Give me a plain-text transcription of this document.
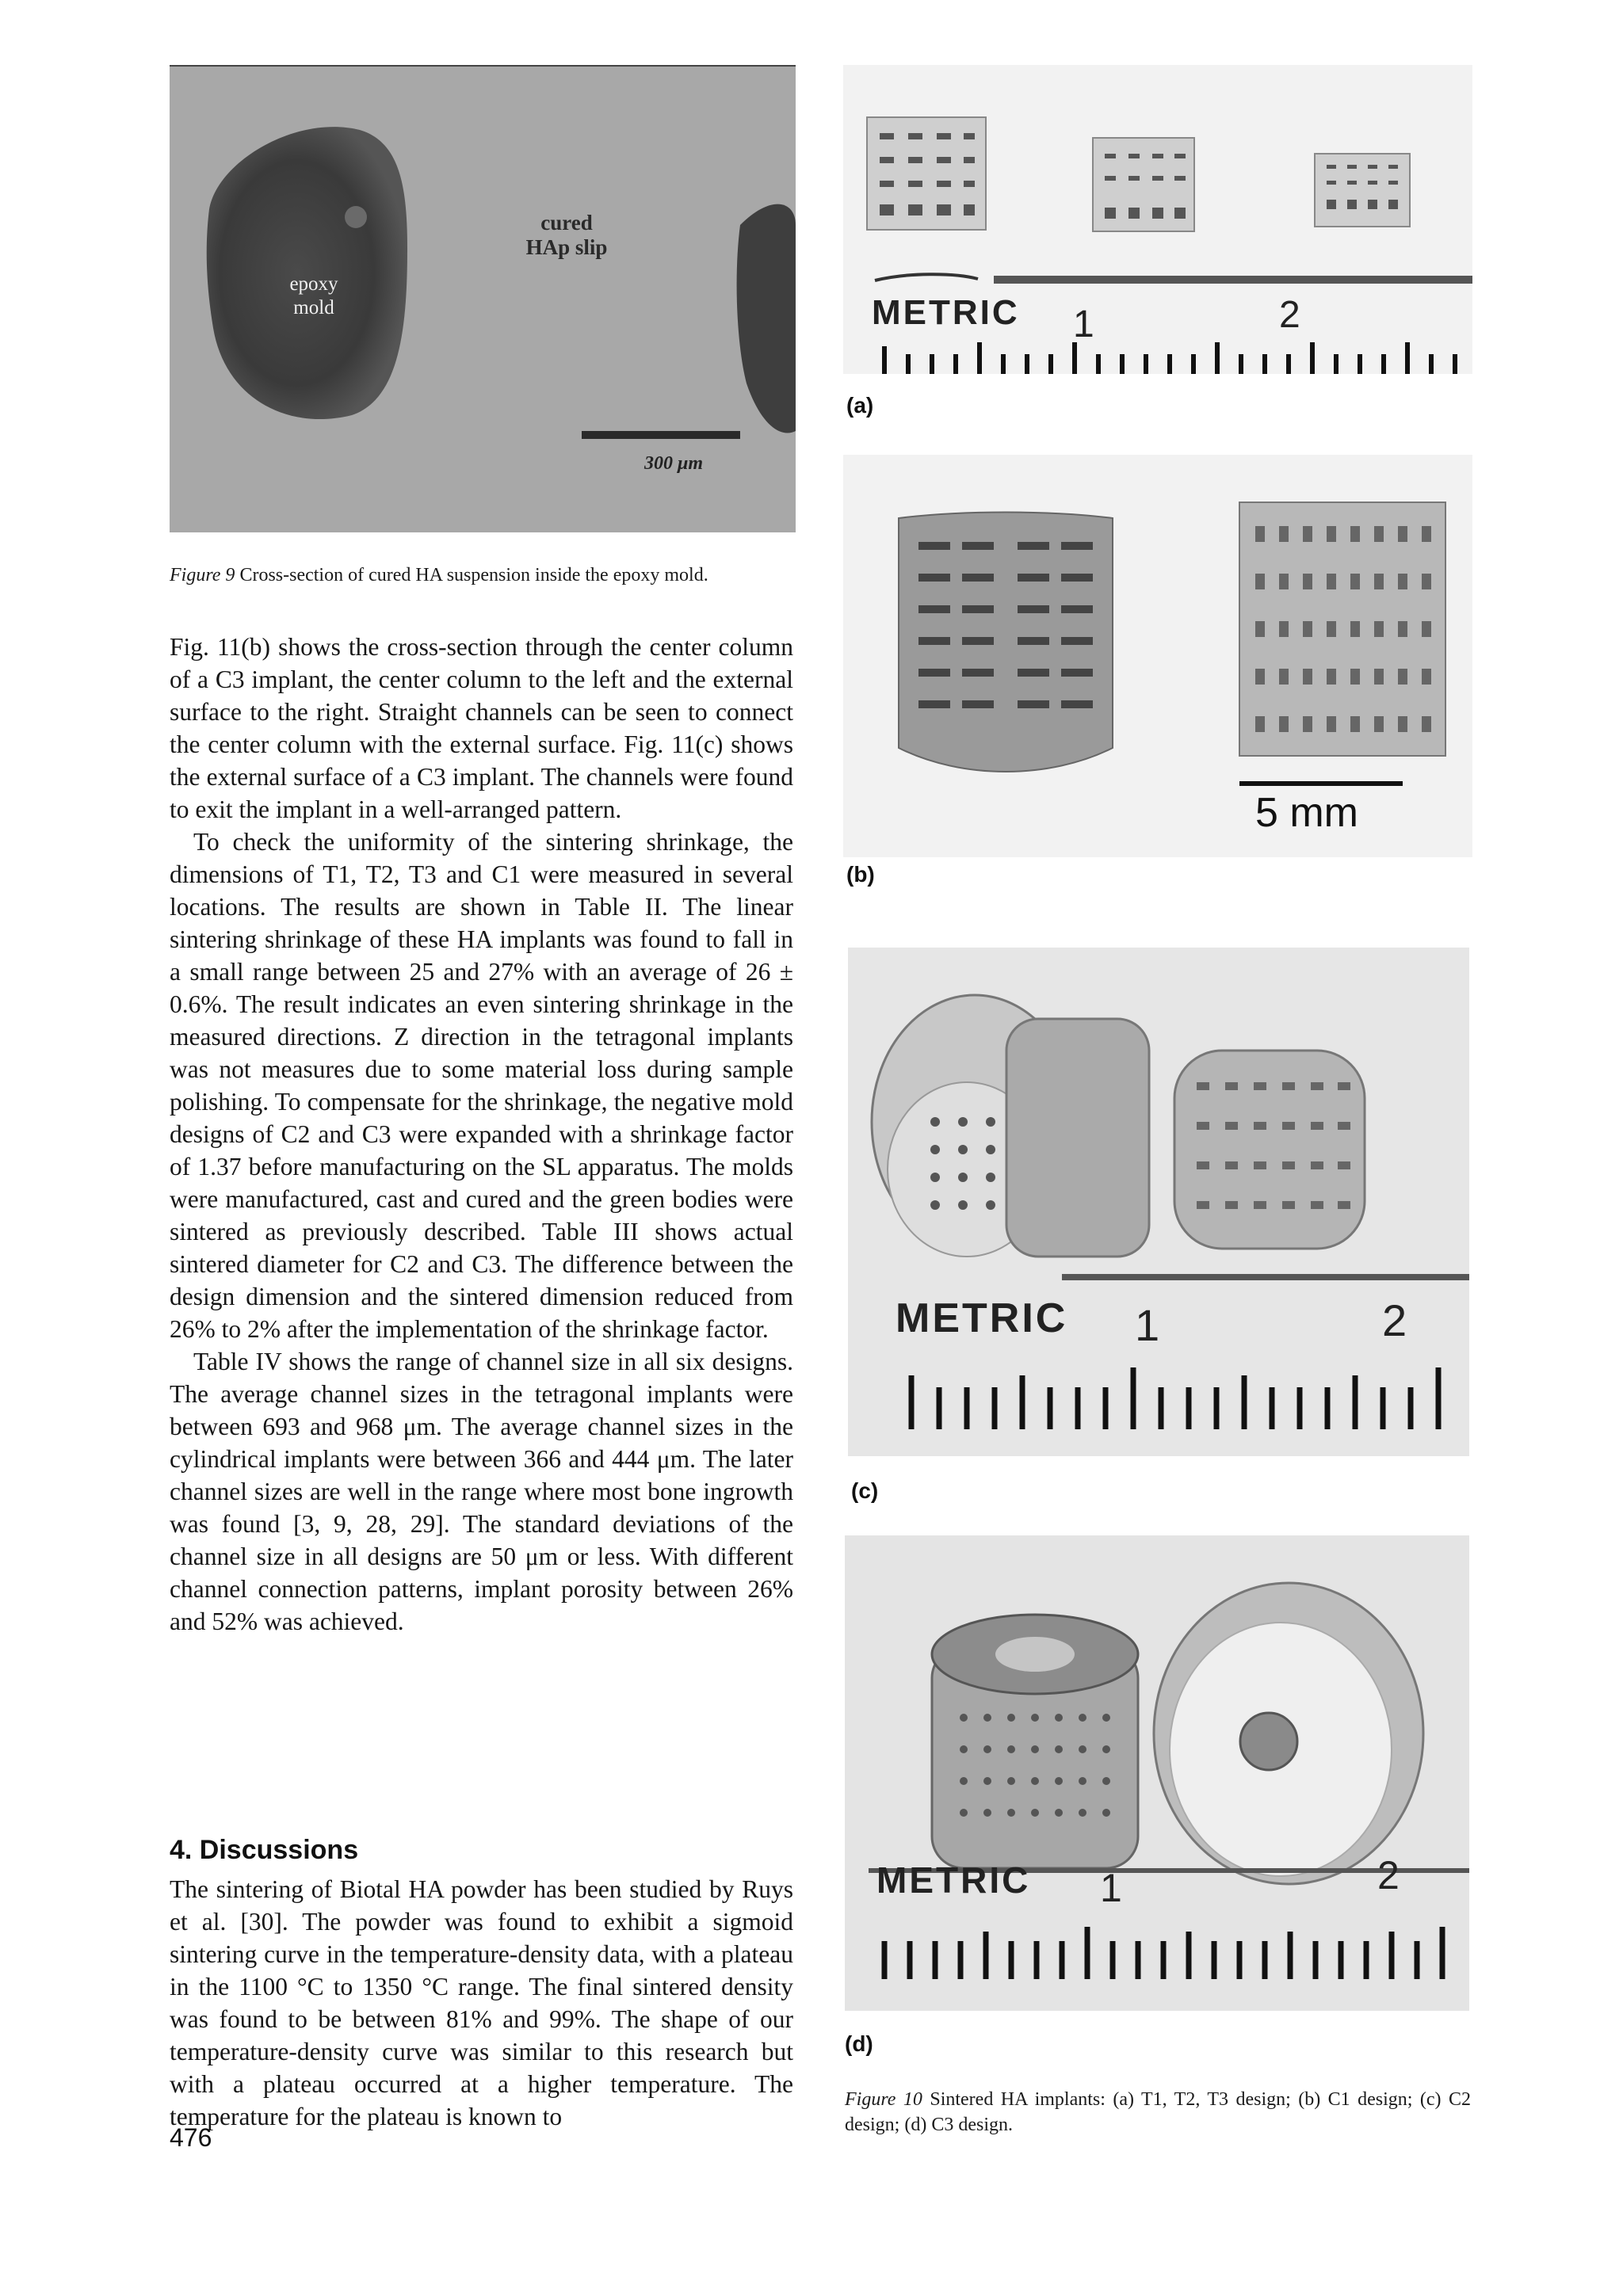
epoxy
mold
cured
HAp slip
300 μm
Figure 9 Cross-section of cured HA suspension inside the epoxy mold.
METRIC 1	2
(a)
5 mm
(b)
METRIC 1	2
(c)
METRIC 1	2
(d)
Figure 10 Sintered HA implants: (a) T1, T2, T3 design; (b) C1 design; (c) C2 design; (d) C3 design.

Fig. 11(b) shows the cross-section through the center column of a C3 implant, the center column to the left and the external surface to the right. Straight channels can be seen to connect the center column with the external surface. Fig. 11(c) shows the external surface of a C3 implant. The channels were found to exit the implant in a well-arranged pattern.

To check the uniformity of the sintering shrinkage, the dimensions of T1, T2, T3 and C1 were measured in several locations. The results are shown in Table II. The linear sintering shrinkage of these HA implants was found to fall in a small range between 25 and 27% with an average of 26 ± 0.6%. The result indicates an even sintering shrinkage in the measured directions. Z direction in the tetragonal implants was not measures due to some material loss during sample polishing. To compensate for the shrinkage, the negative mold designs of C2 and C3 were expanded with a shrinkage factor of 1.37 before manufacturing on the SL apparatus. The molds were manufactured, cast and cured and the green bodies were sintered as previously described. Table III shows actual sintered diameter for C2 and C3. The difference between the design dimension and the sintered dimension reduced from 26% to 2% after the implementation of the shrinkage factor.

Table IV shows the range of channel size in all six designs. The average channel sizes in the tetragonal implants were between 693 and 968 μm. The average channel sizes in the cylindrical implants were between 366 and 444 μm. The later channel sizes are well in the range where most bone ingrowth was found [3, 9, 28, 29]. The standard deviations of the channel size in all designs are 50 μm or less. With different channel connection patterns, implant porosity between 26% and 52% was achieved.

4. Discussions

The sintering of Biotal HA powder has been studied by Ruys et al. [30]. The powder was found to exhibit a sigmoid sintering curve in the temperature-density data, with a plateau in the 1100 °C to 1350 °C range. The final sintered density was found to be between 81% and 99%. The shape of our temperature-density curve was similar to this research but with a plateau occurred at a higher temperature. The temperature for the plateau is known to

476
